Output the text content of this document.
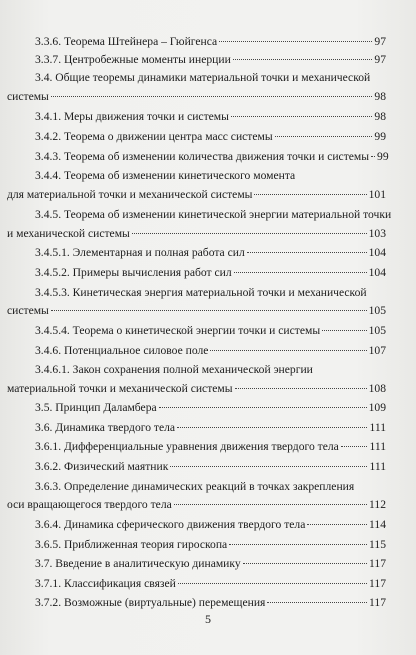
3.3.6. Теорема Штейнера – Гюйгенса	97
3.3.7. Центробежные моменты инерции	97
3.4. Общие теоремы динамики материальной точки и механической
системы	98
3.4.1. Меры движения точки и системы	98
3.4.2. Теорема о движении центра масс системы	99
3.4.3. Теорема об изменении количества движения точки и системы 99
3.4.4. Теорема об изменении кинетического момента
для материальной точки и механической системы	101
3.4.5. Теорема об изменении кинетической энергии материальной точки
и механической системы	103
3.4.5.1. Элементарная и полная работа сил	104
3.4.5.2. Примеры вычисления работ сил	104
3.4.5.3. Кинетическая энергия материальной точки и механической
системы	105
3.4.5.4. Теорема о кинетической энергии точки и системы	105
3.4.6. Потенциальное силовое поле	107
3.4.6.1. Закон сохранения полной механической энергии
материальной точки и механической системы	108
3.5. Принцип Даламбера	109
3.6. Динамика твердого тела	111
3.6.1. Дифференциальные уравнения движения твердого тела	111
3.6.2. Физический маятник	111
3.6.3. Определение динамических реакций в точках закрепления
оси вращающегося твердого тела	112
3.6.4. Динамика сферического движения твердого тела	114
3.6.5. Приближенная теория гироскопа	115
3.7. Введение в аналитическую динамику	117
3.7.1. Классификация связей	117
3.7.2. Возможные (виртуальные) перемещения	117
5
